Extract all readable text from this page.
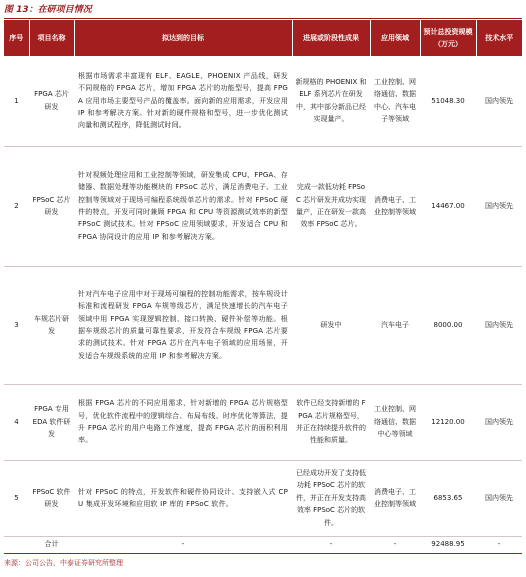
图 13：在研项目情况
序号	项目名称	拟达到的目标	进展或阶段性成果	应用领域	预计总投资规模（万元）	技术水平
1	FPGA 芯片研发	根据市场需求丰富现有 ELF、EAGLE、PHOENIX 产品线，研发不同规格的 FPGA 芯片，增加 FPGA 芯片的功能型号，提高 FPGA 应用市场主要型号产品的覆盖率。面向新的应用需求，开发应用 IP 和参考解决方案。针对新的硬件规格和型号，进一步优化测试向量和测试程序，降低测试时间。	新规格的 PHOENIX 和 ELF 系列芯片在研发中，其中部分新品已经实现量产。	工业控制、网络通信、数据中心、汽车电子等领域	51048.30	国内领先
2	FPSoC 芯片研发	针对视频处理应用和工业控制等领域，研发集成 CPU、FPGA、存储器、数据处理等功能模块的 FPSoC 芯片，满足消费电子、工业控制等领域对于现场可编程系统级单芯片的需求。针对 FPSoC 硬件的特点，开发可同时兼顾 FPGA 和 CPU 等资源测试效率的新型 FPSoC 测试技术。针对 FPSoC 应用领域要求，开发适合 CPU 和 FPGA 协同设计的应用 IP 和参考解决方案。	完成一款低功耗 FPSoC 芯片研发并成功实现量产，正在研发一款高效率 FPSoC 芯片。	消费电子、工业控制等领域	14467.00	国内领先
3	车规芯片研发	针对汽车电子应用中对于现场可编程的控制功能需求，按车规设计标准和流程研发 FPGA 车规等级芯片，满足快速增长的汽车电子领域中用 FPGA 实现逻辑控制、接口转换、硬件补偿等功能。根据车规级芯片的质量可靠性要求，开发符合车规级 FPGA 芯片要求的测试技术。针对 FPGA 芯片在汽车电子领域的应用场景，开发适合车规级系统的应用 IP 和参考解决方案。	研发中	汽车电子	8000.00	国内领先
4	FPGA 专用 EDA 软件研发	根据 FPGA 芯片的不同应用需求，针对新增的 FPGA 芯片规格型号，优化软件流程中的逻辑综合、布局布线、时序优化等算法，提升 FPGA 芯片的用户电路工作速度，提高 FPGA 芯片的面积利用率。	软件已经支持新增的 FPGA 芯片规格型号，并正在持续提升软件的性能和质量。	工业控制、网络通信、数据中心等领域	12120.00	国内领先
5	FPSoC 软件研发	针对 FPSoC 的特点，开发软件和硬件协同设计、支持嵌入式 CPU 集成开发环境和应用软 IP 库的 FPSoC 软件。	已经成功开发了支持低功耗 FPSoC 芯片的软件，并正在开发支持高效率 FPSoC 芯片的软件。	消费电子、工业控制等领域	6853.65	国内领先
	合计	-	-	-	92488.95	-
来源：公司公告，中泰证券研究所整理
